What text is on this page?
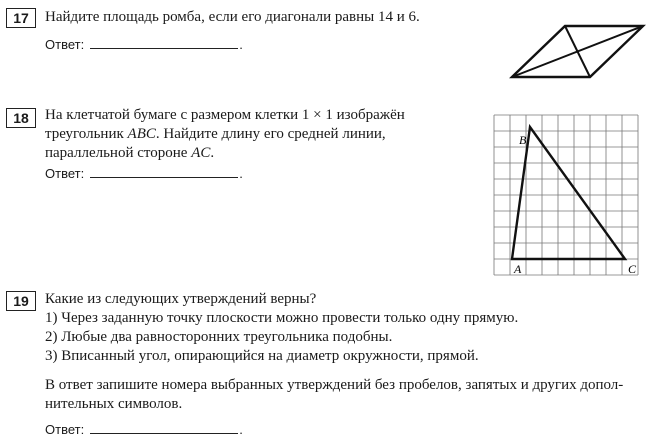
17	Найдите площадь ромба, если его диагонали равны 14 и 6.
Ответ:	.
18	На клетчатой бумаге с размером клетки 1 × 1 изображён
треугольник ABC. Найдите длину его средней линии,
параллельной стороне AC.
Ответ:	.
A
B
C
19	Какие из следующих утверждений верны?
1) Через заданную точку плоскости можно провести только одну прямую.
2) Любые два равносторонних треугольника подобны.
3) Вписанный угол, опирающийся на диаметр окружности, прямой.
В ответ запишите номера выбранных утверждений без пробелов, запятых и других допол-
нительных символов.
Ответ:	.
